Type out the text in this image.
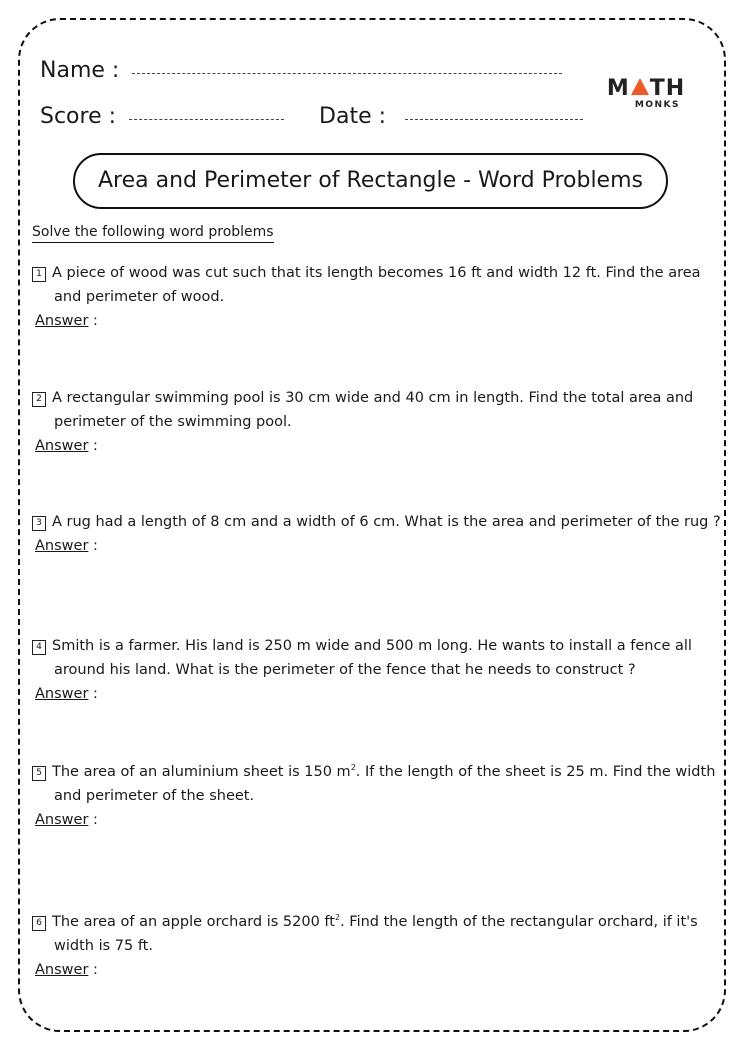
Name :
Score :	Date :
M TH
MONKS
Area and Perimeter of Rectangle - Word Problems
Solve the following word problems
1 A piece of wood was cut such that its length becomes 16 ft and width 12 ft. Find the area
and perimeter of wood.
Answer :
2 A rectangular swimming pool is 30 cm wide and 40 cm in length. Find the total area and
perimeter of the swimming pool.
Answer :
3 A rug had a length of 8 cm and a width of 6 cm. What is the area and perimeter of the rug ?
Answer :
4 Smith is a farmer. His land is 250 m wide and 500 m long. He wants to install a fence all
around his land. What is the perimeter of the fence that he needs to construct ?
Answer :
5 The area of an aluminium sheet is 150 $m^2$. If the length of the sheet is 25 m. Find the width
and perimeter of the sheet.
Answer :
6 The area of an apple orchard is 5200 $ft^2$. Find the length of the rectangular orchard, if it's
width is 75 ft.
Answer :
